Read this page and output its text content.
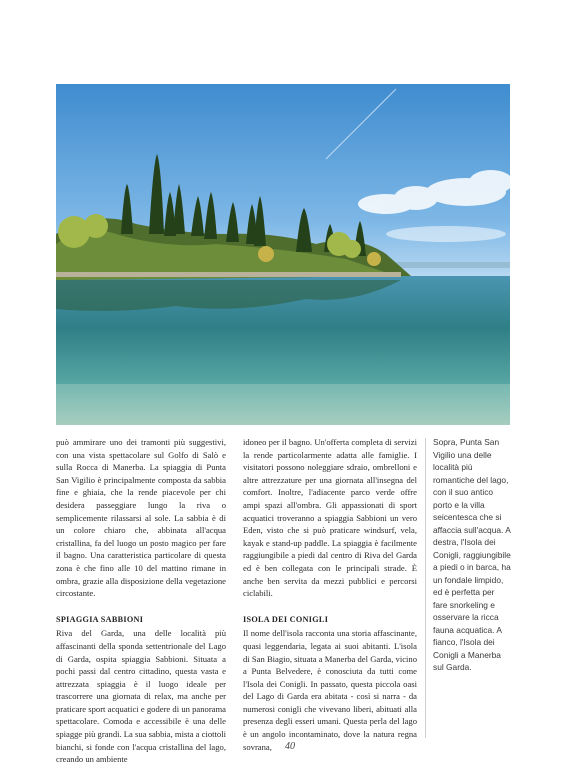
può ammirare uno dei tramonti più suggestivi, con una vista spettacolare sul Golfo di Salò e sulla Rocca di Manerba. La spiaggia di Punta San Vigilio è principalmente composta da sabbia fine e ghiaia, che la rende piacevole per chi desidera passeggiare lungo la riva o semplicemente rilassarsi al sole. La sabbia è di un colore chiaro che, abbinata all'acqua cristallina, fa del luogo un posto magico per fare il bagno. Una caratteristica particolare di questa zona è che fino alle 10 del mattino rimane in ombra, grazie alla disposizione della vegetazione circostante.

SPIAGGIA SABBIONI

Riva del Garda, una delle località più affascinanti della sponda settentrionale del Lago di Garda, ospita spiaggia Sabbioni. Situata a pochi passi dal centro cittadino, questa vasta e attrezzata spiaggia è il luogo ideale per trascorrere una giornata di relax, ma anche per praticare sport acquatici e godere di un panorama spettacolare. Comoda e accessibile è una delle spiagge più grandi. La sua sabbia, mista a ciottoli bianchi, si fonde con l'acqua cristallina del lago, creando un ambiente

idoneo per il bagno. Un'offerta completa di servizi la rende particolarmente adatta alle famiglie. I visitatori possono noleggiare sdraio, ombrelloni e altre attrezzature per una giornata all'insegna del comfort. Inoltre, l'adiacente parco verde offre ampi spazi all'ombra. Gli appassionati di sport acquatici troveranno a spiaggia Sabbioni un vero Eden, visto che si può praticare windsurf, vela, kayak e stand-up paddle. La spiaggia è facilmente raggiungibile a piedi dal centro di Riva del Garda ed è ben collegata con le principali strade. È anche ben servita da mezzi pubblici e percorsi ciclabili.

ISOLA DEI CONIGLI

Il nome dell'isola racconta una storia affascinante, quasi leggendaria, legata ai suoi abitanti. L'isola di San Biagio, situata a Manerba del Garda, vicino a Punta Belvedere, è conosciuta da tutti come l'Isola dei Conigli. In passato, questa piccola oasi del Lago di Garda era abitata - così si narra - da numerosi conigli che vivevano liberi, abituati alla presenza degli esseri umani. Questa perla del lago è un angolo incontaminato, dove la natura regna sovrana,

Sopra, Punta San Vigilio una delle località più romantiche del lago, con il suo antico porto e la villa seicentesca che si affaccia sull'acqua. A destra, l'Isola dei Conigli, raggiungibile a piedi o in barca, ha un fondale limpido, ed è perfetta per fare snorkeling e osservare la ricca fauna acquatica. A fianco, l'Isola dei Conigli a Manerba sul Garda.

40
